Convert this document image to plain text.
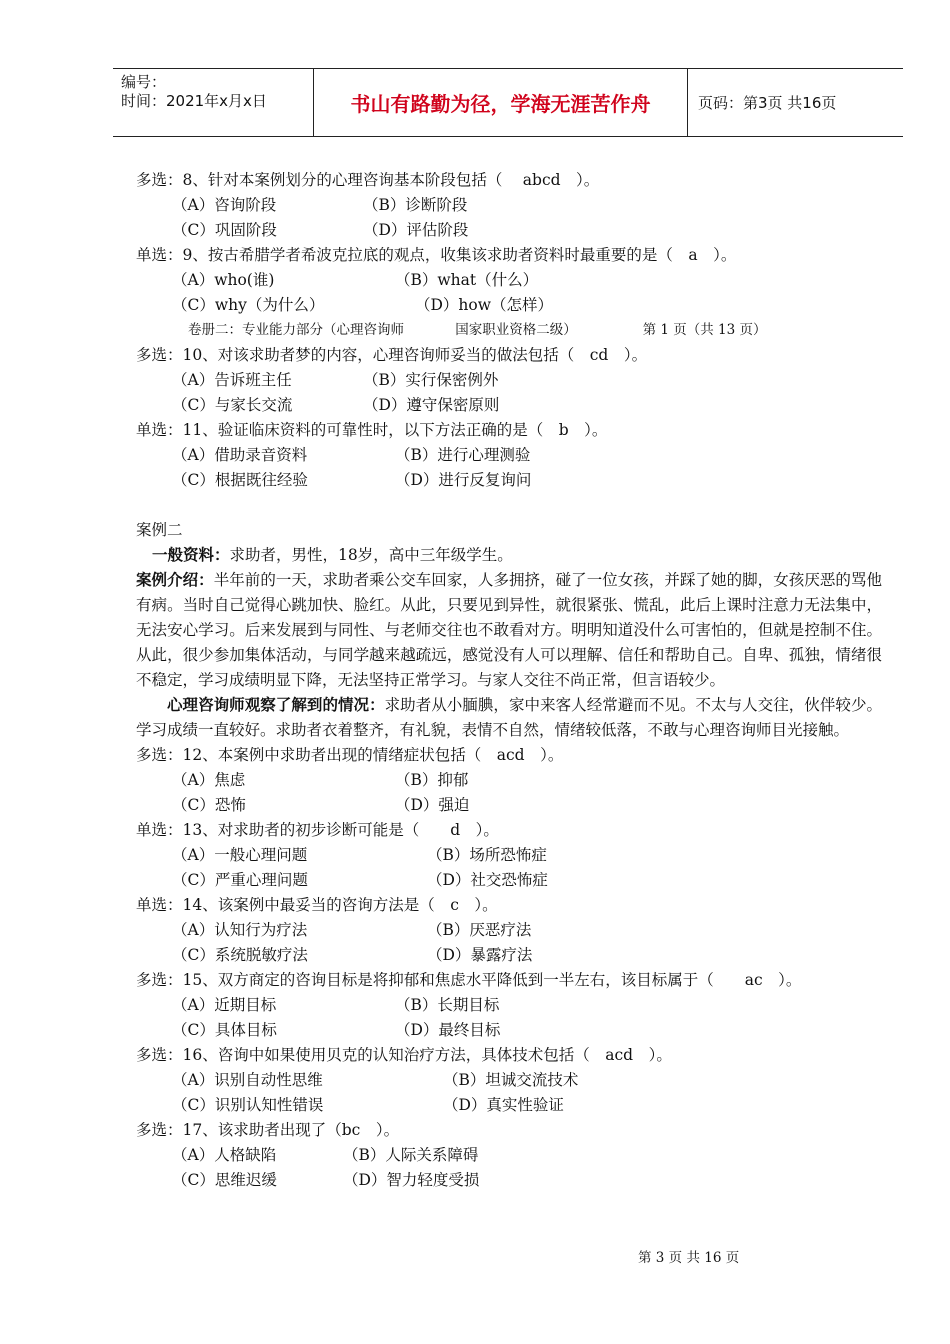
编号：
时间：2021年x月x日	书山有路勤为径，学海无涯苦作舟	页码：第3页 共16页
多选：8、针对本案例划分的心理咨询基本阶段包括（　 abcd　）。
（A）咨询阶段	（B）诊断阶段
（C）巩固阶段	（D）评估阶段
单选：9、按古希腊学者希波克拉底的观点，收集该求助者资料时最重要的是（　a　）。
（A）who(谁)	（B）what（什么）
（C）why（为什么）	（D）how（怎样）
卷册二：专业能力部分（心理咨询师	国家职业资格二级）	第 1 页（共 13 页）
多选：10、对该求助者梦的内容，心理咨询师妥当的做法包括（　cd　）。
（A）告诉班主任	（B）实行保密例外
（C）与家长交流	（D）遵守保密原则
单选：11、验证临床资料的可靠性时，以下方法正确的是（　b　）。
（A）借助录音资料	（B）进行心理测验
（C）根据既往经验	（D）进行反复询问
案例二
一般资料：求助者，男性，18岁，高中三年级学生。

案例介绍：半年前的一天，求助者乘公交车回家，人多拥挤，碰了一位女孩，并踩了她的脚，女孩厌恶的骂他有病。当时自己觉得心跳加快、脸红。从此，只要见到异性，就很紧张、慌乱，此后上课时注意力无法集中，无法安心学习。后来发展到与同性、与老师交往也不敢看对方。明明知道没什么可害怕的，但就是控制不住。从此，很少参加集体活动，与同学越来越疏远，感觉没有人可以理解、信任和帮助自己。自卑、孤独，情绪很不稳定，学习成绩明显下降，无法坚持正常学习。与家人交往不尚正常，但言语较少。

心理咨询师观察了解到的情况：求助者从小腼腆，家中来客人经常避而不见。不太与人交往，伙伴较少。学习成绩一直较好。求助者衣着整齐，有礼貌，表情不自然，情绪较低落，不敢与心理咨询师目光接触。

多选：12、本案例中求助者出现的情绪症状包括（　acd　）。
（A）焦虑	（B）抑郁
（C）恐怖	（D）强迫
单选：13、对求助者的初步诊断可能是（　　d　）。
（A）一般心理问题	（B）场所恐怖症
（C）严重心理问题	（D）社交恐怖症
单选：14、该案例中最妥当的咨询方法是（　c　）。
（A）认知行为疗法	（B）厌恶疗法
（C）系统脱敏疗法	（D）暴露疗法
多选：15、双方商定的咨询目标是将抑郁和焦虑水平降低到一半左右，该目标属于（　　ac　）。
（A）近期目标	（B）长期目标
（C）具体目标	（D）最终目标
多选：16、咨询中如果使用贝克的认知治疗方法，具体技术包括（　acd　）。
（A）识别自动性思维	（B）坦诚交流技术
（C）识别认知性错误	（D）真实性验证
多选：17、该求助者出现了（bc　）。
（A）人格缺陷	（B）人际关系障碍
（C）思维迟缓	（D）智力轻度受损
第 3 页 共 16 页
